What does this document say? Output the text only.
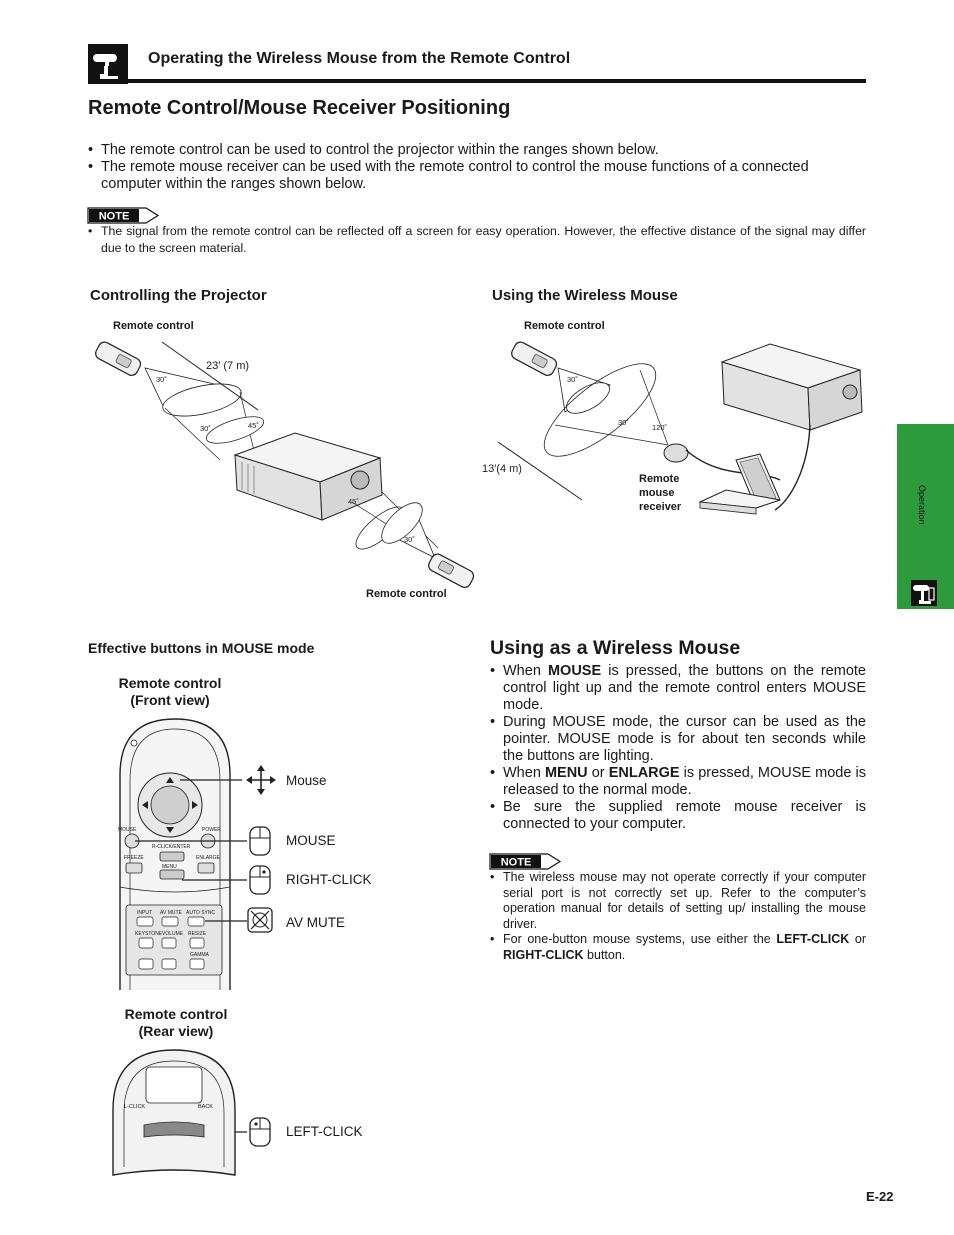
Operating the Wireless Mouse from the Remote Control
Remote Control/Mouse Receiver Positioning
• The remote control can be used to control the projector within the ranges shown below.
• The remote mouse receiver can be used with the remote control to control the mouse functions of a connected computer within the ranges shown below.
NOTE
• The signal from the remote control can be reflected off a screen for easy operation. However, the effective distance of the signal may differ due to the screen material.
Controlling the Projector
Remote control
23′ (7 m)
30˚
30˚	45˚
45˚
30˚
Remote control
Using the Wireless Mouse
Remote control
13′(4 m)
30˚
30˚
120˚
Remote
mouse
receiver
Effective buttons in MOUSE mode
Remote control
(Front view)
MOUSE	POWER
R-CLICK/ENTER
FREEZE	ENLARGE
MENU
INPUT AV MUTE AUTO SYNC
KEYSTONE VOLUME RESIZE
GAMMA
Mouse
MOUSE
RIGHT-CLICK
AV MUTE
LEFT-CLICK
Remote control
(Rear view)
L-CLICK	BACK
Using as a Wireless Mouse
• When MOUSE is pressed, the buttons on the remote control light up and the remote control enters MOUSE mode.
• During MOUSE mode, the cursor can be used as the pointer. MOUSE mode is for about ten seconds while the buttons are lighting.
• When MENU or ENLARGE is pressed, MOUSE mode is released to the normal mode.
• Be sure the supplied remote mouse receiver is connected to your computer.
NOTE
• The wireless mouse may not operate correctly if your computer serial port is not correctly set up. Refer to the computer’s operation manual for details of setting up/ installing the mouse driver.
• For one-button mouse systems, use either the LEFT-CLICK or RIGHT-CLICK button.
Operation
E-22
